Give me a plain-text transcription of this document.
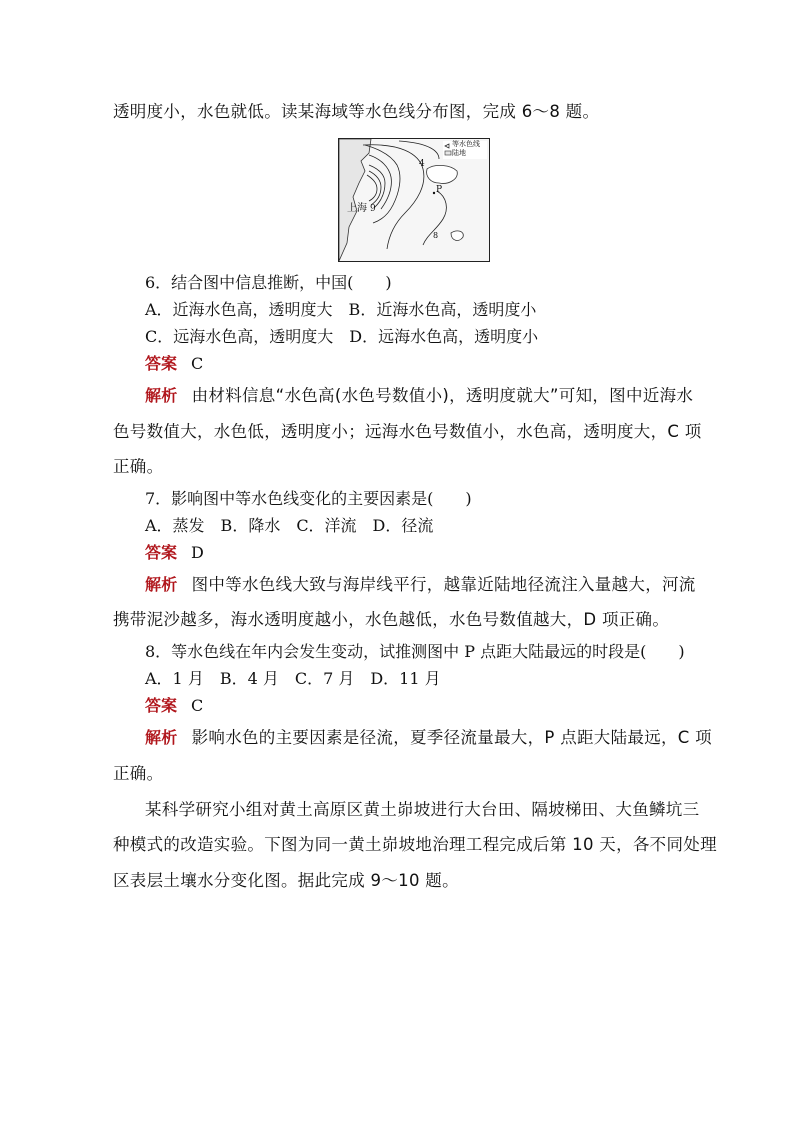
透明度小，水色就低。读某海域等水色线分布图，完成 6～8 题。
等水色线
陆地
上海 9
4
P
8
6．结合图中信息推断，中国(　　)
A．近海水色高，透明度大　B．近海水色高，透明度小
C．远海水色高，透明度大　D．远海水色高，透明度小
答案 C
解析 由材料信息“水色高(水色号数值小)，透明度就大”可知，图中近海水
色号数值大，水色低，透明度小；远海水色号数值小，水色高，透明度大，C 项
正确。
7．影响图中等水色线变化的主要因素是(　　)
A．蒸发　B．降水　C．洋流　D．径流
答案 D
解析 图中等水色线大致与海岸线平行，越靠近陆地径流注入量越大，河流
携带泥沙越多，海水透明度越小，水色越低，水色号数值越大，D 项正确。
8．等水色线在年内会发生变动，试推测图中 P 点距大陆最远的时段是(　　)
A．1 月　B．4 月　C．7 月　D．11 月
答案 C
解析 影响水色的主要因素是径流，夏季径流量最大，P 点距大陆最远，C 项
正确。
某科学研究小组对黄土高原区黄土峁坡进行大台田、隔坡梯田、大鱼鳞坑三
种模式的改造实验。下图为同一黄土峁坡地治理工程完成后第 10 天，各不同处理
区表层土壤水分变化图。据此完成 9～10 题。
